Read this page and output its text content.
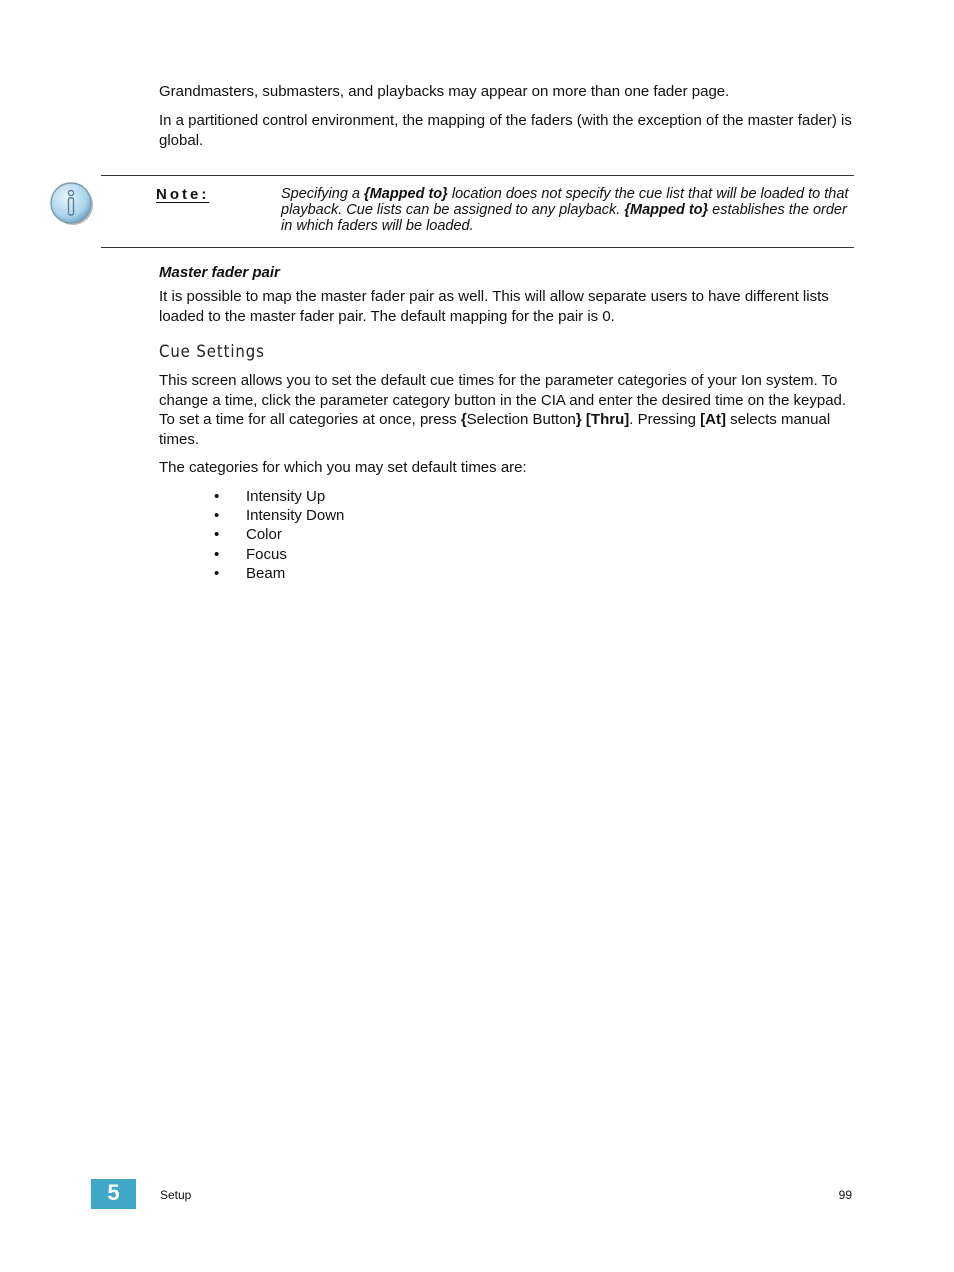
Grandmasters, submasters, and playbacks may appear on more than one fader page.

In a partitioned control environment, the mapping of the faders (with the exception of the master fader) is global.

Note:	Specifying a {Mapped to} location does not specify the cue list that will be loaded to that playback. Cue lists can be assigned to any playback. {Mapped to} establishes the order in which faders will be loaded.
Master fader pair

It is possible to map the master fader pair as well. This will allow separate users to have different lists loaded to the master fader pair. The default mapping for the pair is 0.

Cue Settings

This screen allows you to set the default cue times for the parameter categories of your Ion system. To change a time, click the parameter category button in the CIA and enter the desired time on the keypad. To set a time for all categories at once, press {Selection Button} [Thru]. Pressing [At] selects manual times.

The categories for which you may set default times are:

•	Intensity Up
•	Intensity Down
•	Color
•	Focus
•	Beam
5	Setup	99
